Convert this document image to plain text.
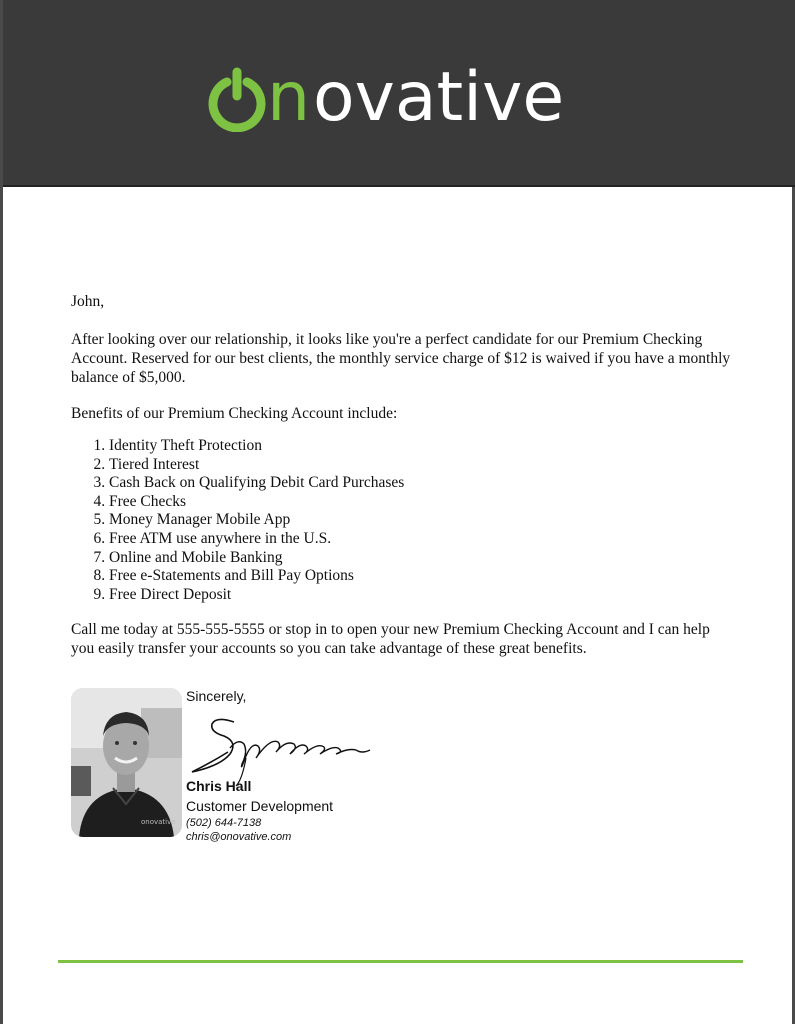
n ovative

John,

After looking over our relationship, it looks like you're a perfect candidate for our Premium Checking Account. Reserved for our best clients, the monthly service charge of $12 is waived if you have a monthly balance of $5,000.

Benefits of our Premium Checking Account include:

1. Identity Theft Protection
2. Tiered Interest
3. Cash Back on Qualifying Debit Card Purchases
4. Free Checks
5. Money Manager Mobile App
6. Free ATM use anywhere in the U.S.
7. Online and Mobile Banking
8. Free e-Statements and Bill Pay Options
9. Free Direct Deposit

Call me today at 555-555-5555 or stop in to open your new Premium Checking Account and I can help you easily transfer your accounts so you can take advantage of these great benefits.

onovative
Sincerely,
Chris Hall
Customer Development
(502) 644-7138
chris@onovative.com
